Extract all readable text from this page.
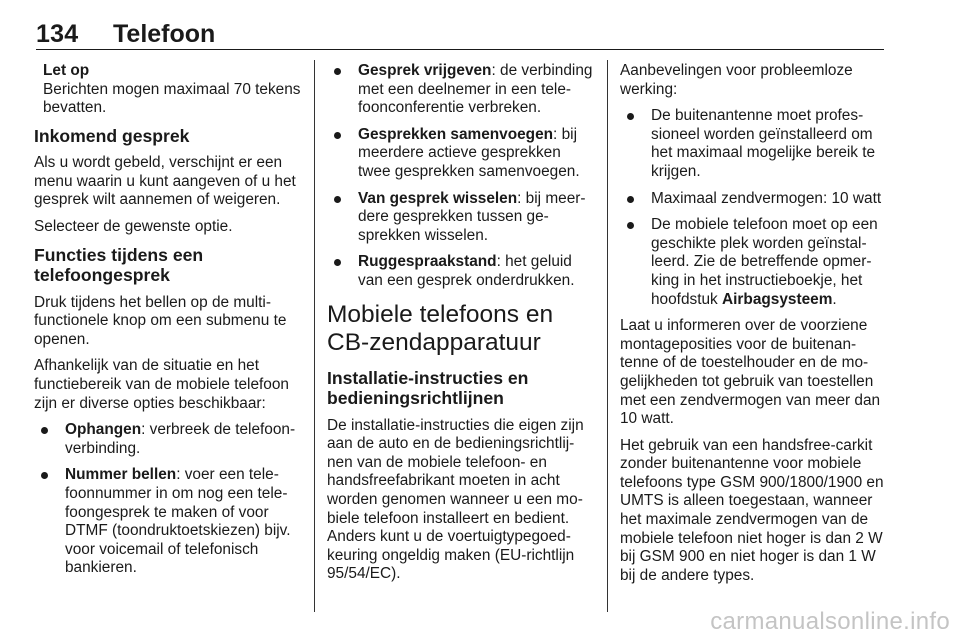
134 Telefoon
Let op
Berichten mogen maximaal 70 tekens bevatten.
Inkomend gesprek

Als u wordt gebeld, verschijnt er een menu waarin u kunt aangeven of u het gesprek wilt aannemen of weigeren.

Selecteer de gewenste optie.

Functies tijdens een telefoongesprek

Druk tijdens het bellen op de multifunctionele knop om een submenu te openen.

Afhankelijk van de situatie en het functiebereik van de mobiele telefoon zijn er diverse opties beschikbaar:

Ophangen: verbreek de telefoonverbinding.
Nummer bellen: voer een telefoonnummer in om nog een telefoongesprek te maken of voor DTMF (toondruktoetskiezen) bijv. voor voicemail of telefonisch bankieren.
Gesprek vrijgeven: de verbinding met een deelnemer in een telefoonconferentie verbreken.
Gesprekken samenvoegen: bij meerdere actieve gesprekken twee gesprekken samenvoegen.
Van gesprek wisselen: bij meerdere gesprekken tussen gesprekken wisselen.
Ruggespraakstand: het geluid van een gesprek onderdrukken.
Mobiele telefoons en CB-zendapparatuur
Installatie-instructies en bedieningsrichtlijnen

De installatie-instructies die eigen zijn aan de auto en de bedieningsrichtlijnen van de mobiele telefoon- en handsfreefabrikant moeten in acht worden genomen wanneer u een mobiele telefoon installeert en bedient. Anders kunt u de voertuigtypegoedkeuring ongeldig maken (EU-richtlijn 95/54/EC).

Aanbevelingen voor probleemloze werking:

De buitenantenne moet professioneel worden geïnstalleerd om het maximaal mogelijke bereik te krijgen.
Maximaal zendvermogen: 10 watt
De mobiele telefoon moet op een geschikte plek worden geïnstalleerd. Zie de betreffende opmerking in het instructieboekje, het hoofdstuk Airbagsysteem.

Laat u informeren over de voorziene montageposities voor de buitenantenne of de toestelhouder en de mogelijkheden tot gebruik van toestellen met een zendvermogen van meer dan 10 watt.

Het gebruik van een handsfree-carkit zonder buitenantenne voor mobiele telefoons type GSM 900/1800/1900 en UMTS is alleen toegestaan, wanneer het maximale zendvermogen van de mobiele telefoon niet hoger is dan 2 W bij GSM 900 en niet hoger is dan 1 W bij de andere types.

carmanualsonline.info
